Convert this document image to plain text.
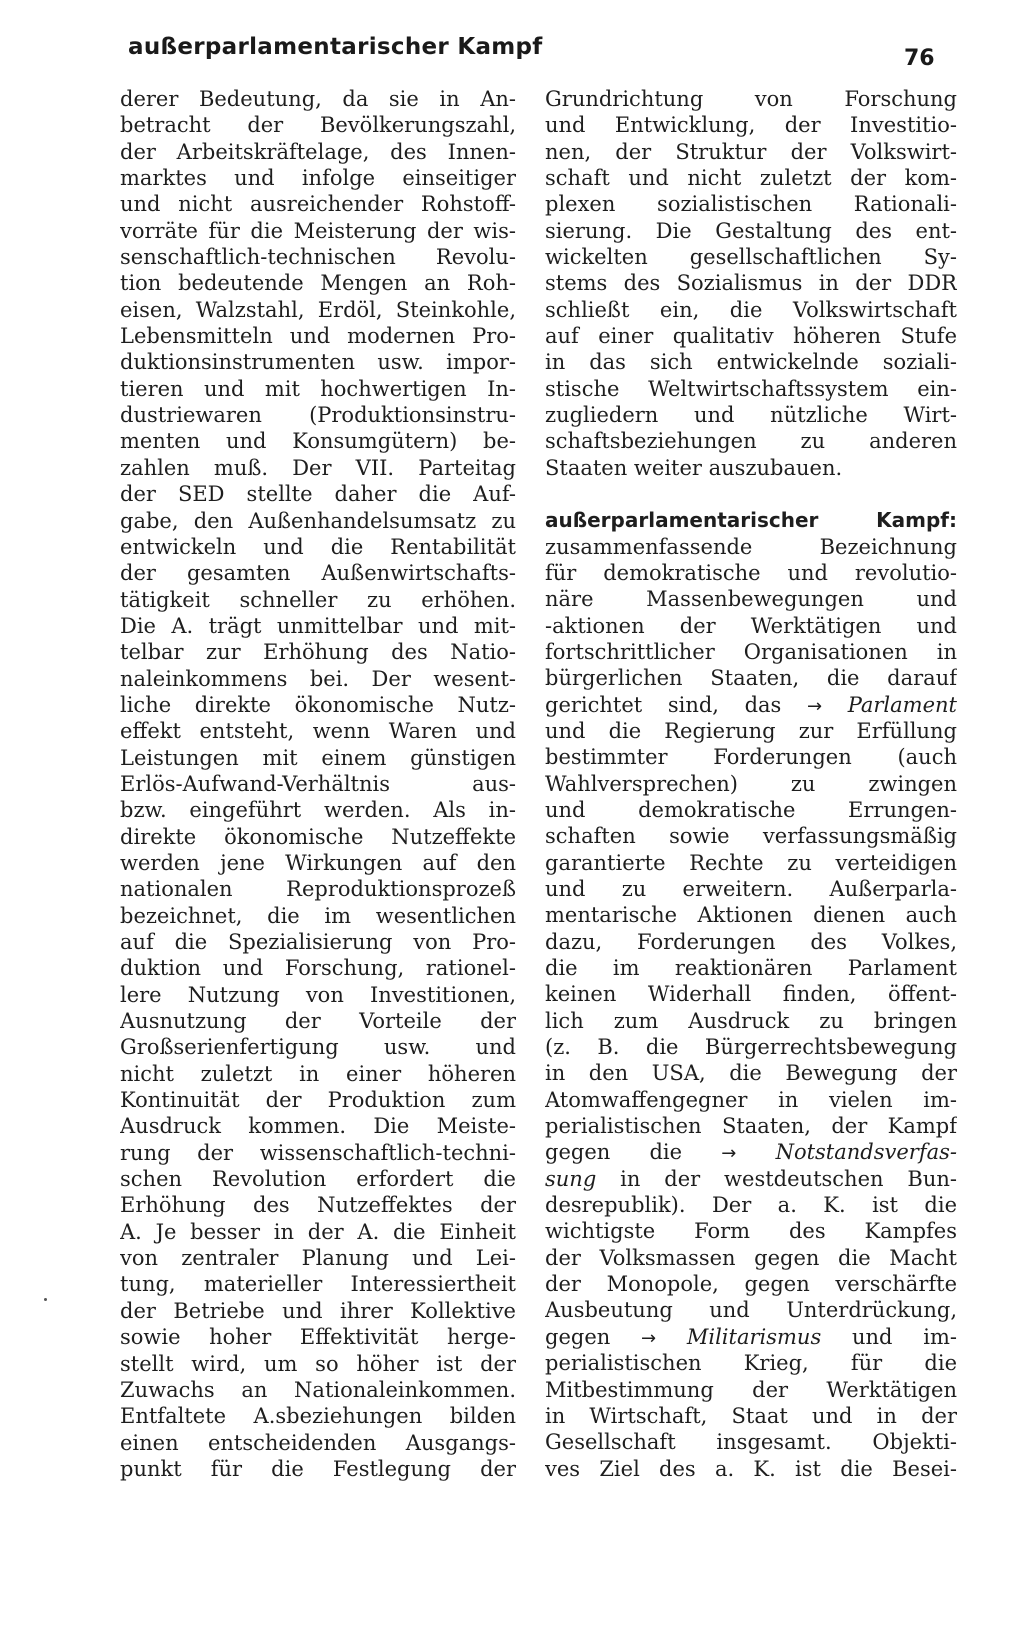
außerparlamentarischer Kampf	76
derer Bedeutung, da sie in An-
betracht der Bevölkerungszahl,
der Arbeitskräftelage, des Innen-
marktes und infolge einseitiger
und nicht ausreichender Rohstoff-
vorräte für die Meisterung der wis-
senschaftlich-technischen Revolu-
tion bedeutende Mengen an Roh-
eisen, Walzstahl, Erdöl, Steinkohle,
Lebensmitteln und modernen Pro-
duktionsinstrumenten usw. impor-
tieren und mit hochwertigen In-
dustriewaren (Produktionsinstru-
menten und Konsumgütern) be-
zahlen muß. Der VII. Parteitag
der SED stellte daher die Auf-
gabe, den Außenhandelsumsatz zu
entwickeln und die Rentabilität
der gesamten Außenwirtschafts-
tätigkeit schneller zu erhöhen.
Die A. trägt unmittelbar und mit-
telbar zur Erhöhung des Natio-
naleinkommens bei. Der wesent-
liche direkte ökonomische Nutz-
effekt entsteht, wenn Waren und
Leistungen mit einem günstigen
Erlös-Aufwand-Verhältnis aus-
bzw. eingeführt werden. Als in-
direkte ökonomische Nutzeffekte
werden jene Wirkungen auf den
nationalen Reproduktionsprozeß
bezeichnet, die im wesentlichen
auf die Spezialisierung von Pro-
duktion und Forschung, rationel-
lere Nutzung von Investitionen,
Ausnutzung der Vorteile der
Großserienfertigung usw. und
nicht zuletzt in einer höheren
Kontinuität der Produktion zum
Ausdruck kommen. Die Meiste-
rung der wissenschaftlich-techni-
schen Revolution erfordert die
Erhöhung des Nutzeffektes der
A. Je besser in der A. die Einheit
von zentraler Planung und Lei-
tung, materieller Interessiertheit
der Betriebe und ihrer Kollektive
sowie hoher Effektivität herge-
stellt wird, um so höher ist der
Zuwachs an Nationaleinkommen.
Entfaltete A.sbeziehungen bilden
einen entscheidenden Ausgangs-
punkt für die Festlegung der
Grundrichtung von Forschung
und Entwicklung, der Investitio-
nen, der Struktur der Volkswirt-
schaft und nicht zuletzt der kom-
plexen sozialistischen Rationali-
sierung. Die Gestaltung des ent-
wickelten gesellschaftlichen Sy-
stems des Sozialismus in der DDR
schließt ein, die Volkswirtschaft
auf einer qualitativ höheren Stufe
in das sich entwickelnde soziali-
stische Weltwirtschaftssystem ein-
zugliedern und nützliche Wirt-
schaftsbeziehungen zu anderen
Staaten weiter auszubauen.
außerparlamentarischer Kampf:
zusammenfassende Bezeichnung
für demokratische und revolutio-
näre Massenbewegungen und
-aktionen der Werktätigen und
fortschrittlicher Organisationen in
bürgerlichen Staaten, die darauf
gerichtet sind, das → Parlament
und die Regierung zur Erfüllung
bestimmter Forderungen (auch
Wahlversprechen) zu zwingen
und demokratische Errungen-
schaften sowie verfassungsmäßig
garantierte Rechte zu verteidigen
und zu erweitern. Außerparla-
mentarische Aktionen dienen auch
dazu, Forderungen des Volkes,
die im reaktionären Parlament
keinen Widerhall finden, öffent-
lich zum Ausdruck zu bringen
(z. B. die Bürgerrechtsbewegung
in den USA, die Bewegung der
Atomwaffengegner in vielen im-
perialistischen Staaten, der Kampf
gegen die → Notstandsverfas-
sung in der westdeutschen Bun-
desrepublik). Der a. K. ist die
wichtigste Form des Kampfes
der Volksmassen gegen die Macht
der Monopole, gegen verschärfte
Ausbeutung und Unterdrückung,
gegen → Militarismus und im-
perialistischen Krieg, für die
Mitbestimmung der Werktätigen
in Wirtschaft, Staat und in der
Gesellschaft insgesamt. Objekti-
ves Ziel des a. K. ist die Besei-
